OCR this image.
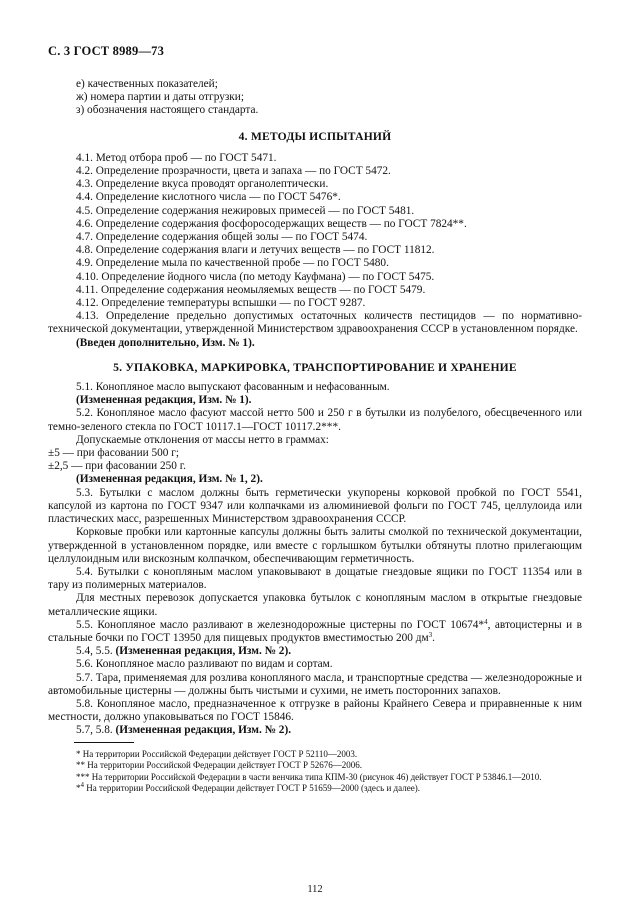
С. 3 ГОСТ 8989—73

е) качественных показателей;

ж) номера партии и даты отгрузки;

з) обозначения настоящего стандарта.

4. МЕТОДЫ ИСПЫТАНИЙ

4.1. Метод отбора проб — по ГОСТ 5471.

4.2. Определение прозрачности, цвета и запаха — по ГОСТ 5472.

4.3. Определение вкуса проводят органолептически.

4.4. Определение кислотного числа — по ГОСТ 5476*.

4.5. Определение содержания нежировых примесей — по ГОСТ 5481.

4.6. Определение содержания фосфоросодержащих веществ — по ГОСТ 7824**.

4.7. Определение содержания общей золы — по ГОСТ 5474.

4.8. Определение содержания влаги и летучих веществ — по ГОСТ 11812.

4.9. Определение мыла по качественной пробе — по ГОСТ 5480.

4.10. Определение йодного числа (по методу Кауфмана) — по ГОСТ 5475.

4.11. Определение содержания неомыляемых веществ — по ГОСТ 5479.

4.12. Определение температуры вспышки — по ГОСТ 9287.

4.13. Определение предельно допустимых остаточных количеств пестицидов — по нормативно-технической документации, утвержденной Министерством здравоохранения СССР в установленном порядке.

(Введен дополнительно, Изм. № 1).

5. УПАКОВКА, МАРКИРОВКА, ТРАНСПОРТИРОВАНИЕ И ХРАНЕНИЕ

5.1. Конопляное масло выпускают фасованным и нефасованным.

(Измененная редакция, Изм. № 1).

5.2. Конопляное масло фасуют массой нетто 500 и 250 г в бутылки из полубелого, обесцвеченного или темно-зеленого стекла по ГОСТ 10117.1—ГОСТ 10117.2***.

Допускаемые отклонения от массы нетто в граммах:

±5 — при фасовании 500 г;

±2,5 — при фасовании 250 г.

(Измененная редакция, Изм. № 1, 2).

5.3. Бутылки с маслом должны быть герметически укупорены корковой пробкой по ГОСТ 5541, капсулой из картона по ГОСТ 9347 или колпачками из алюминиевой фольги по ГОСТ 745, целлулоида или пластических масс, разрешенных Министерством здравоохранения СССР.

Корковые пробки или картонные капсулы должны быть залиты смолкой по технической документации, утвержденной в установленном порядке, или вместе с горлышком бутылки обтянуты плотно прилегающим целлулоидным или вискозным колпачком, обеспечивающим герметичность.

5.4. Бутылки с конопляным маслом упаковывают в дощатые гнездовые ящики по ГОСТ 11354 или в тару из полимерных материалов.

Для местных перевозок допускается упаковка бутылок с конопляным маслом в открытые гнездовые металлические ящики.

5.5. Конопляное масло разливают в железнодорожные цистерны по ГОСТ 10674*$^4$, автоцистерны и в стальные бочки по ГОСТ 13950 для пищевых продуктов вместимостью 200 $дм^3$.

5.4, 5.5. (Измененная редакция, Изм. № 2).

5.6. Конопляное масло разливают по видам и сортам.

5.7. Тара, применяемая для розлива конопляного масла, и транспортные средства — железнодорожные и автомобильные цистерны — должны быть чистыми и сухими, не иметь посторонних запахов.

5.8. Конопляное масло, предназначенное к отгрузке в районы Крайнего Севера и приравненные к ним местности, должно упаковываться по ГОСТ 15846.

5.7, 5.8. (Измененная редакция, Изм. № 2).

* На территории Российской Федерации действует ГОСТ Р 52110—2003.

** На территории Российской Федерации действует ГОСТ Р 52676—2006.

*** На территории Российской Федерации в части венчика типа КПМ-30 (рисунок 46) действует ГОСТ Р 53846.1—2010.

*$^4$ На территории Российской Федерации действует ГОСТ Р 51659—2000 (здесь и далее).

112
